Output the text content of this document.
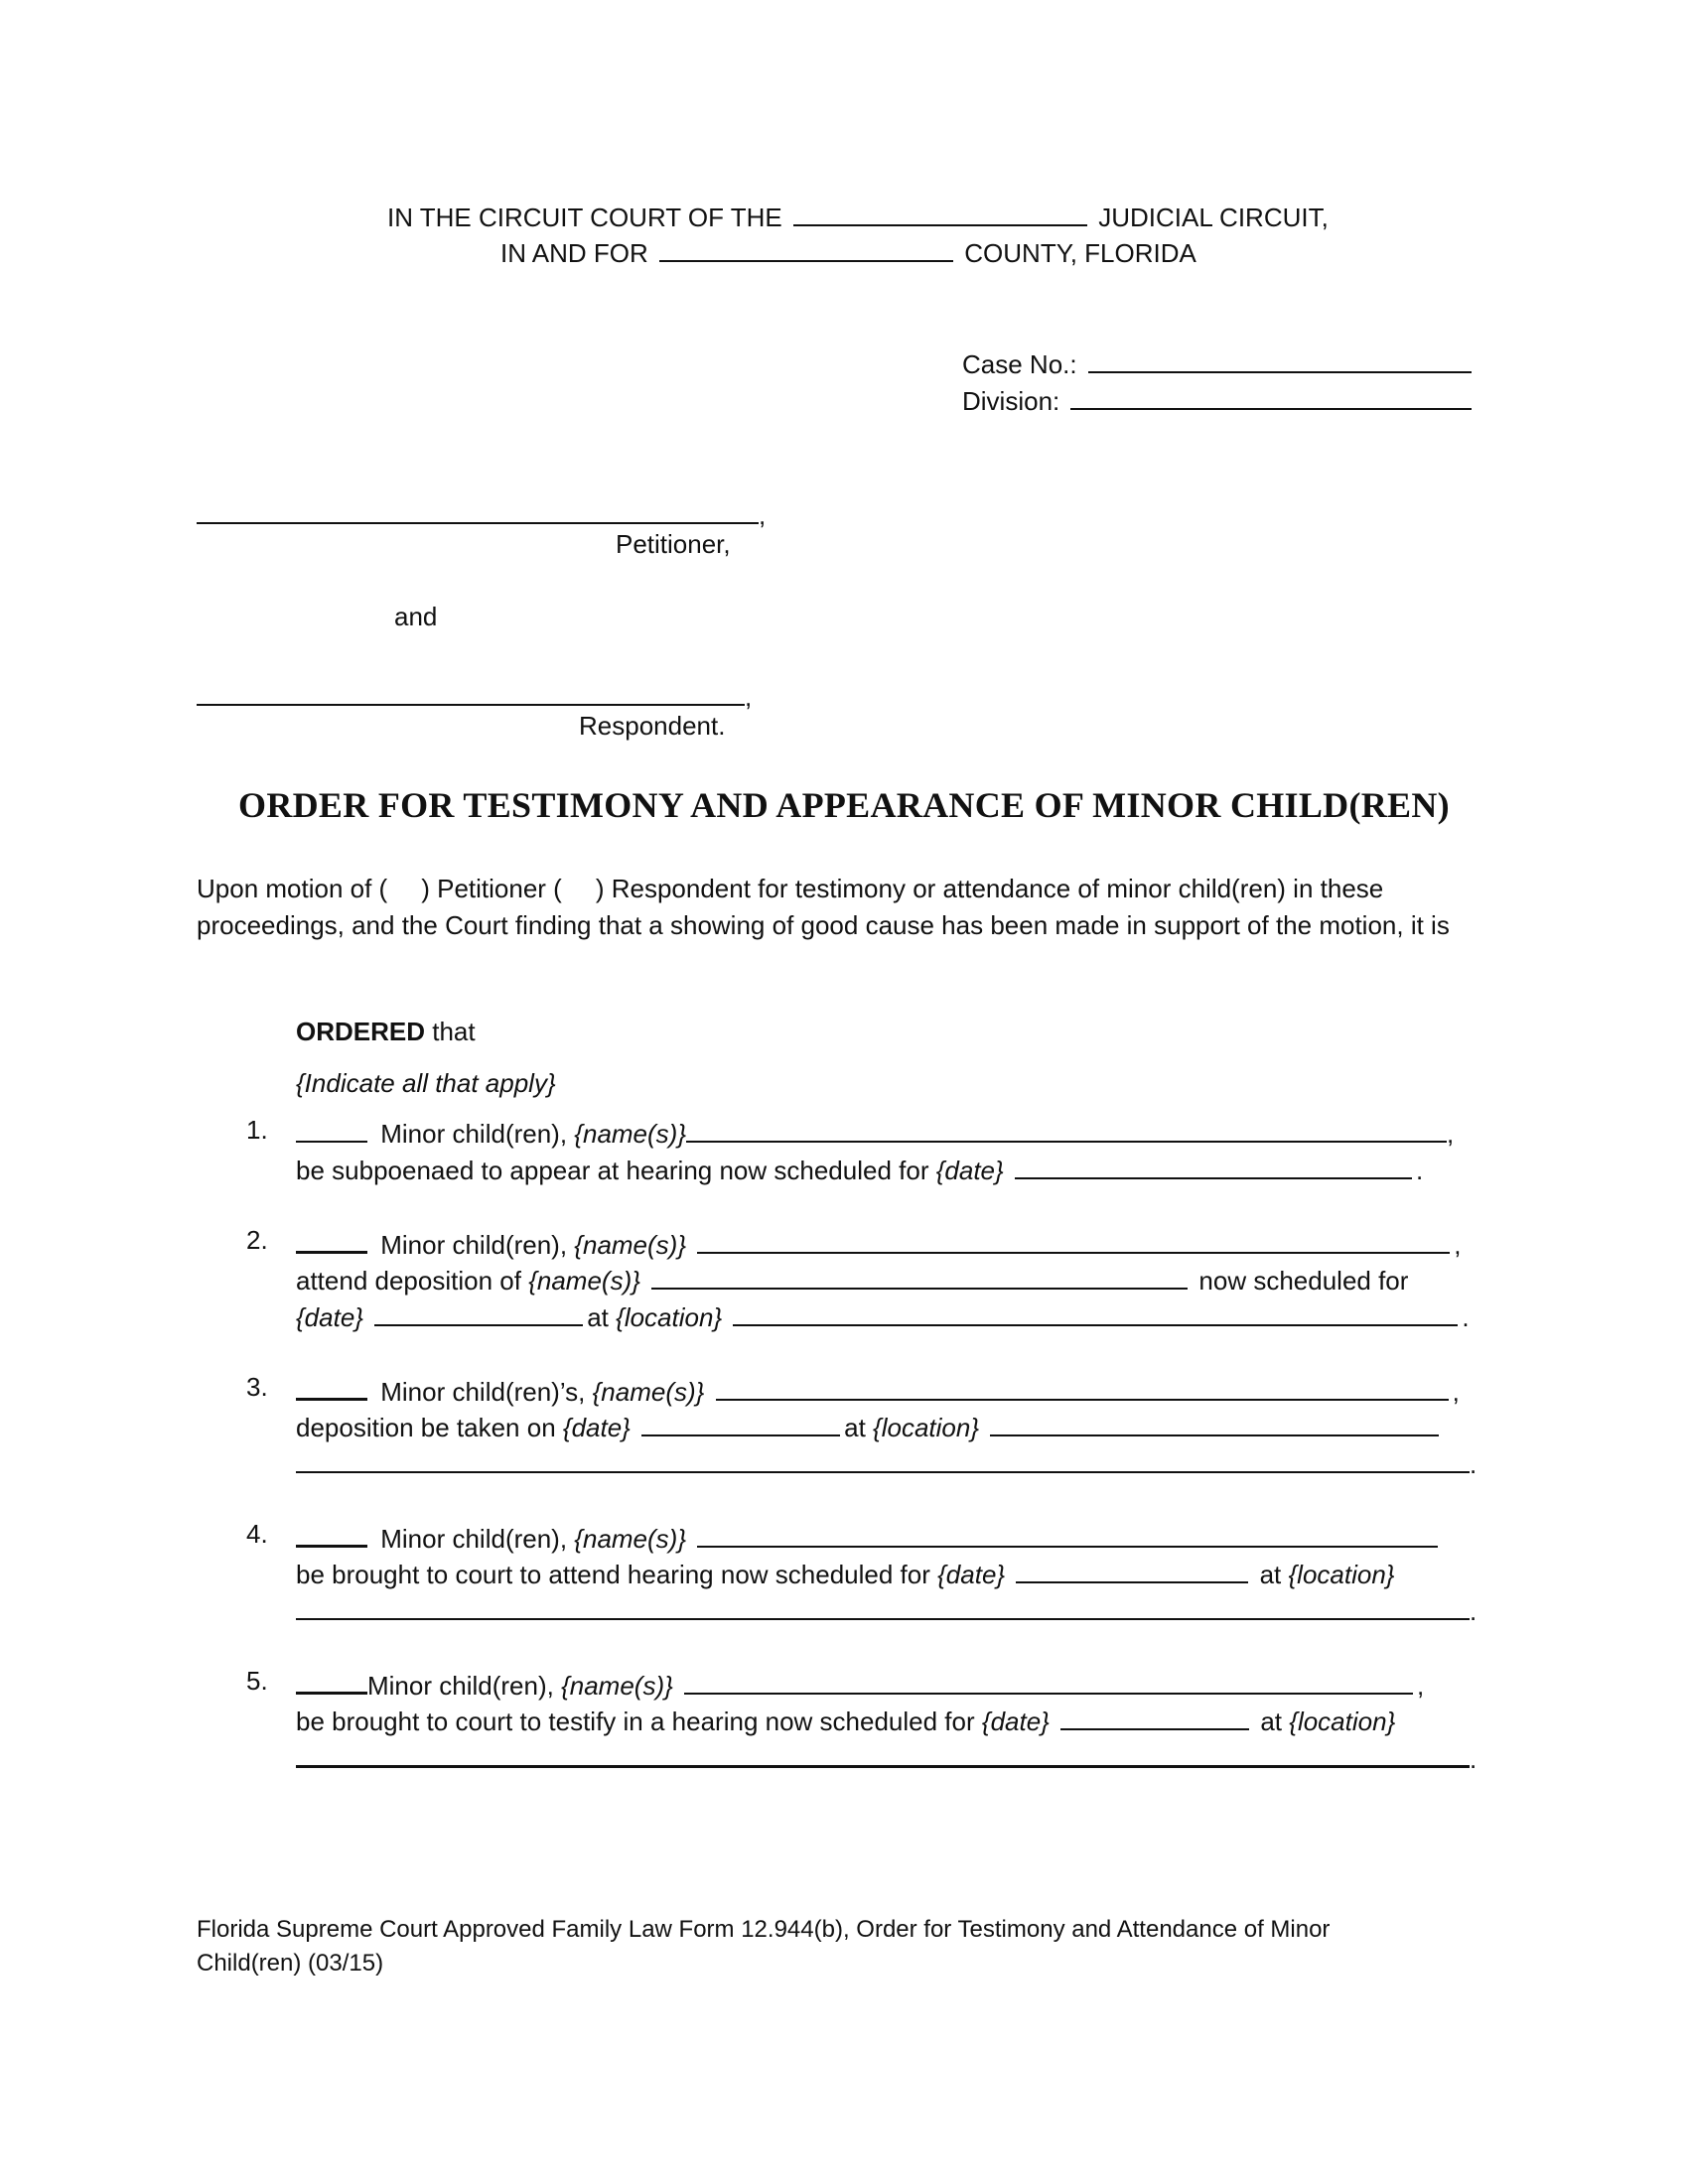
IN THE CIRCUIT COURT OF THE	JUDICIAL CIRCUIT,
IN AND FOR	COUNTY, FLORIDA
Case No.:
Division:
,
Petitioner,
and
,
Respondent.
ORDER FOR TESTIMONY AND APPEARANCE OF MINOR CHILD(REN)
Upon motion of ( ) Petitioner ( ) Respondent for testimony or attendance of minor child(ren) in these proceedings, and the Court finding that a showing of good cause has been made in support of the motion, it is
ORDERED that
{Indicate all that apply}
1.	Minor child(ren), {name(s)}	,
be subpoenaed to appear at hearing now scheduled for {date}	.
2.	Minor child(ren), {name(s)}	,
attend deposition of {name(s)}	now scheduled for
{date}	at {location}	.
3.	Minor child(ren)’s, {name(s)}	,
deposition be taken on {date}	at {location}
.
4.	Minor child(ren), {name(s)}
be brought to court to attend hearing now scheduled for {date}	at {location}
.
5.	Minor child(ren), {name(s)}	,
be brought to court to testify in a hearing now scheduled for {date}	at {location}
.
Florida Supreme Court Approved Family Law Form 12.944(b), Order for Testimony and Attendance of Minor Child(ren) (03/15)
